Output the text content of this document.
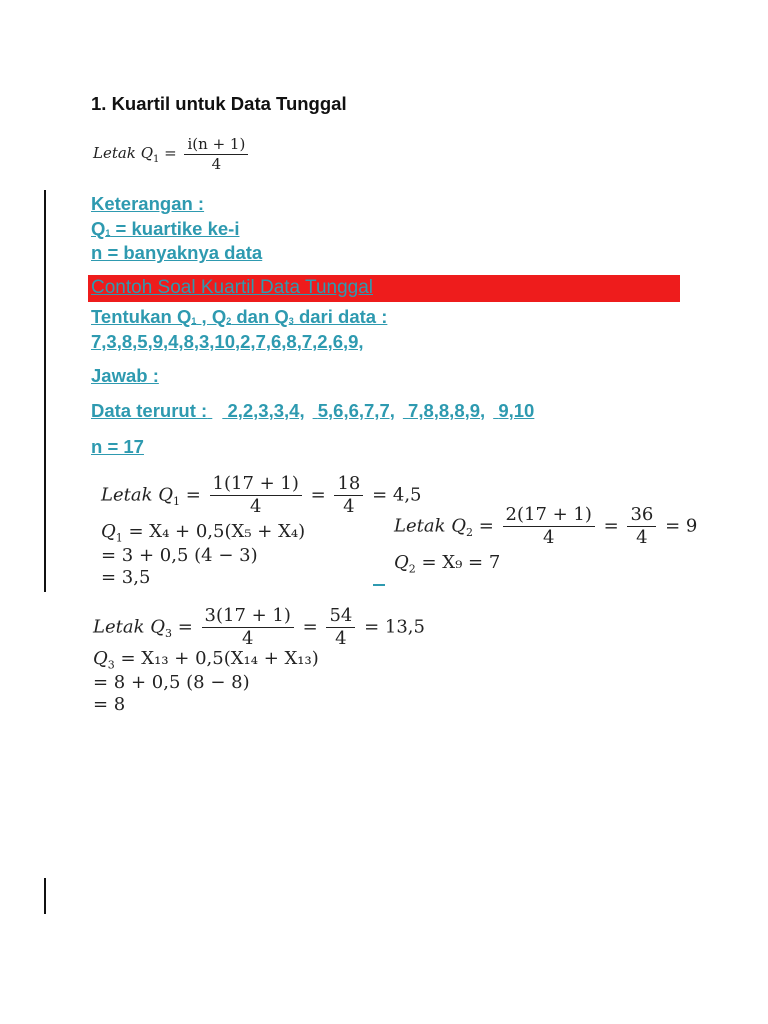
1. Kuartil untuk Data Tunggal
Letak $Q_1 = \frac{i(n + 1)}{4}$
Keterangan :
$Q_1$ = kuartike ke-i
n = banyaknya data
Contoh Soal Kuartil Data Tunggal
Tentukan $Q_1$ , $Q_2$ dan $Q_3$ dari data :
7,3,8,5,9,4,8,3,10,2,7,6,8,7,2,6,9,
Jawab :
Data terurut : 2,2,3,3,4, 5,6,6,7,7, 7,8,8,8,9, 9,10
n = 17
Letak $Q_1 = \frac{1(17 + 1)}{4} = \frac{18}{4} = 4,5$
$Q_1 = X_4 + 0,5(X_5 + X_4)$
= 3 + 0,5 (4 − 3)
= 3,5
Letak $Q_2 = \frac{2(17 + 1)}{4} = \frac{36}{4} = 9$
$Q_2 = X_9 = 7$
Letak $Q_3 = \frac{3(17 + 1)}{4} = \frac{54}{4} = 13,5$
$Q_3 = X_{13} + 0,5(X_{14} + X_{13})$
= 8 + 0,5 (8 − 8)
= 8
